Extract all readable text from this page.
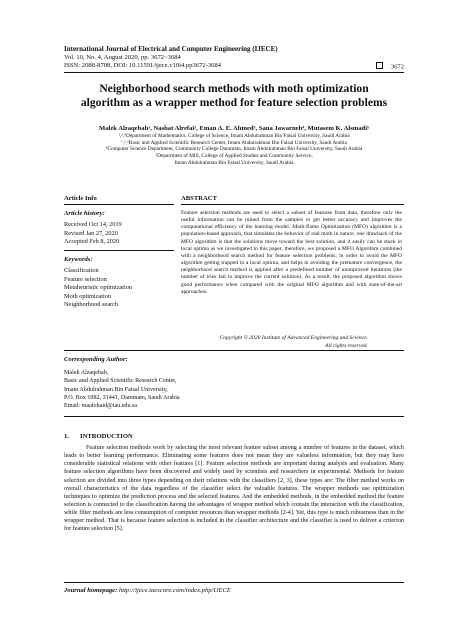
International Journal of Electrical and Computer Engineering (IJECE)
Vol. 10, No. 4, August 2020, pp. 3672~3684
ISSN: 2088-8708, DOI: 10.11591/ijece.v10i4.pp3672-3684	3672
Neighborhood search methods with moth optimization
algorithm as a wrapper method for feature selection problems
Malek Alzaqebah¹, Nashat Alrefai², Eman A. E. Ahmed³, Sana Jawarneh⁴, Mutasem K. Alsmadi⁵
¹,³,⁵Department of Mathematics, College of Science, Imam Abdulrahman Bin Faisal University, Saudi Arabia
¹,²,⁵Basic and Applied Scientific Research Center, Imam Abdulrahman Bin Faisal University, Saudi Arabia
⁴Computer Science Department, Community College Dammam, Imam Abdulrahman Bin Faisal University, Saudi Arabia
⁵Department of MIS, College of Applied Studies and Community Service,
Imam Abdulrahman Bin Faisal University, Saudi Arabia
Article Info	ABSTRACT
Article history:
Received Oct 14, 2019
Revised Jan 27, 2020
Accepted Feb 8, 2020
Keywords:
Classification
Feature selection
Metaheuristic optimization
Moth optimization
Neighborhood search
Feature selection methods are used to select a subset of features from data, therefore only the useful information can be mined from the samples to get better accuracy and improves the computational efficiency of the learning model. Moth-flame Optimization (MFO) algorithm is a population-based approach, that simulates the behavior of real moth in nature, one drawback of the MFO algorithm is that the solutions move toward the best solution, and it easily can be stuck in local optima as we investigated in this paper, therefore, we proposed a MFO Algorithm combined with a neighborhood search method for feature selection problems, in order to avoid the MFO algorithm getting trapped in a local optima, and helps in avoiding the premature convergence, the neighborhood search method is applied after a predefined number of unimproved iterations (the number of tries fail to improve the current solution). As a result, the proposed algorithm shows good performance when compared with the original MFO algorithm and with state-of-the-art approaches.
Copyright © 2020 Institute of Advanced Engineering and Science.
All rights reserved.
Corresponding Author:
Malek Alzaqebah,
Basic and Applied Scientific Research Center,
Imam Abdulrahman Bin Faisal University,
P.O. Box 1982, 31441, Dammam, Saudi Arabia
Email: maafehaid@iau.edu.sa
1. INTRODUCTION
Feature selection methods work by selecting the most relevant feature subset among a number of features in the dataset, which leads to better learning performance. Eliminating some features does not mean they are valueless information, but they may have considerable statistical relations with other features [1]. Feature selection methods are important during analysis and evaluation. Many feature selection algorithms have been discovered and widely used by scientists and researchers in experimental. Methods for feature selection are divided into three types depending on their relations with the classifiers [2, 3], these types are: The filter method works on overall characteristics of the data regardless of the classifier select the valuable features. The wrapper methods use optimization techniques to optimize the prediction process and the selected features. And the embedded methods, in the embedded method the feature selection is connected to the classification having the advantages of wrapper method which contain the interaction with the classification, while filter methods are less consumption of computer resources than wrapper methods [2-4]. Yet, this type is much robustness than in the wrapper method. That is because feature selection is included in the classifier architecture and the classifier is used to deliver a criterion for feature selection [5].
Journal homepage: http://ijece.iaescore.com/index.php/IJECE
